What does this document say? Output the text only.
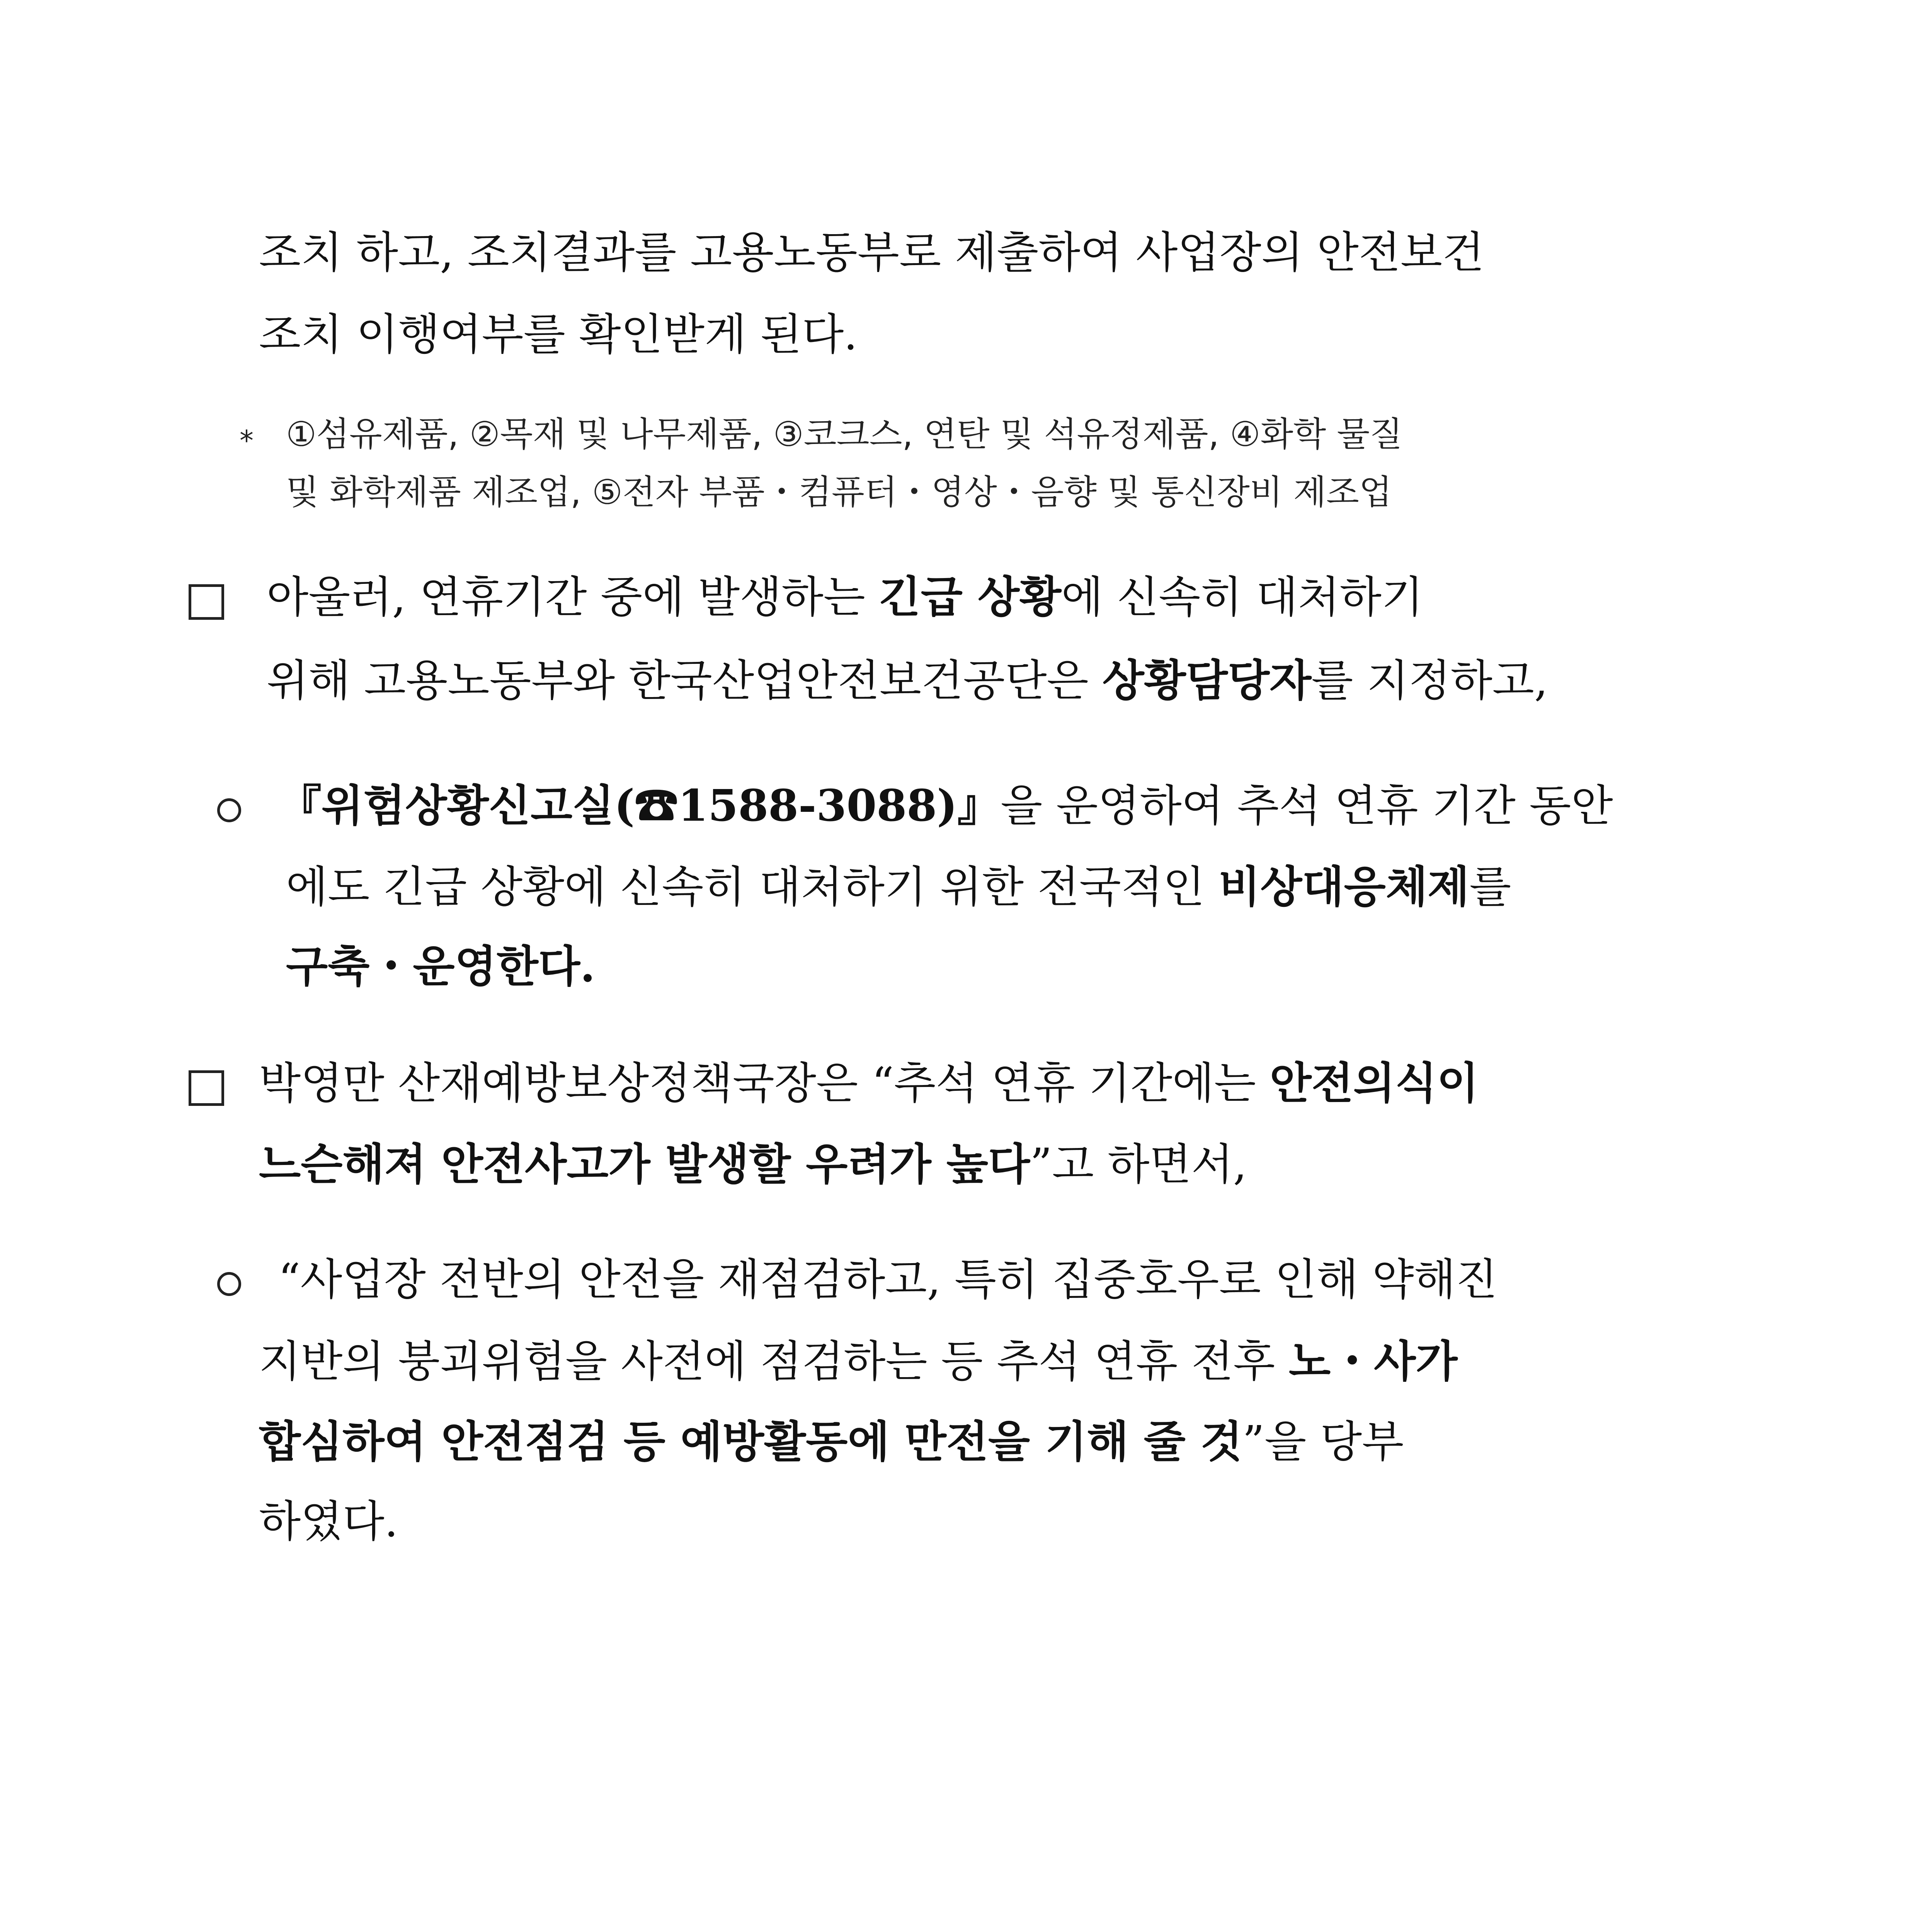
조치 하고, 조치결과를 고용노동부로 제출하여 사업장의 안전보건
조치 이행여부를 확인받게 된다.
* ①섬유제품, ②목재 및 나무제품, ③코크스, 연탄 및 석유정제품, ④화학 물질
및 화학제품 제조업, ⑤전자 부품・컴퓨터・영상・음향 및 통신장비 제조업
아울러, 연휴기간 중에 발생하는 긴급 상황에 신속히 대처하기
위해 고용노동부와 한국산업안전보건공단은 상황담당자를 지정하고,
『위험상황신고실(☎1588-3088)』을 운영하여 추석 연휴 기간 동안
에도 긴급 상황에 신속히 대처하기 위한 전국적인 비상대응체제를
구축・운영한다.
박영만 산재예방보상정책국장은 “추석 연휴 기간에는 안전의식이
느슨해져 안전사고가 발생할 우려가 높다”고 하면서,
“사업장 전반의 안전을 재점검하고, 특히 집중호우로 인해 약해진
지반의 붕괴위험을 사전에 점검하는 등 추석 연휴 전후 노・사가
합심하여 안전점검 등 예방활동에 만전을 기해 줄 것”을 당부
하였다.
